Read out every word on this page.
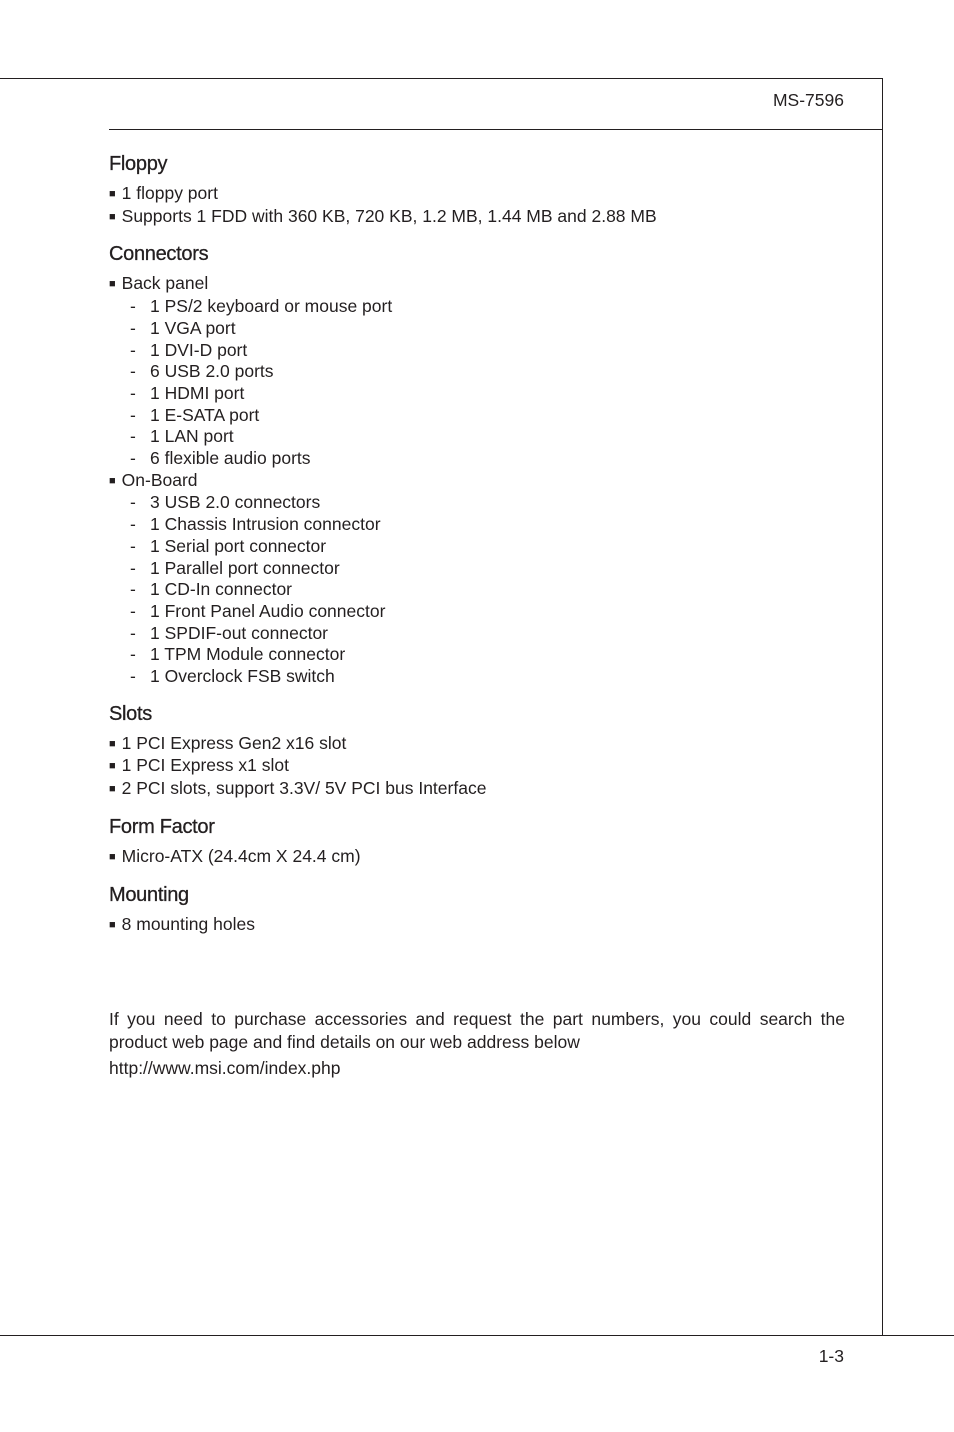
MS-7596
Floppy
■ 1 floppy port
■ Supports 1 FDD with 360 KB, 720 KB, 1.2 MB, 1.44 MB and 2.88 MB
Connectors
■ Back panel
- 1 PS/2 keyboard or mouse port
- 1 VGA port
- 1 DVI-D port
- 6 USB 2.0 ports
- 1 HDMI port
- 1 E-SATA port
- 1 LAN port
- 6 flexible audio ports
■ On-Board
- 3 USB 2.0 connectors
- 1 Chassis Intrusion connector
- 1 Serial port connector
- 1 Parallel port connector
- 1 CD-In connector
- 1 Front Panel Audio connector
- 1 SPDIF-out connector
- 1 TPM Module connector
- 1 Overclock FSB switch
Slots
■ 1 PCI Express Gen2 x16 slot
■ 1 PCI Express x1 slot
■ 2 PCI slots, support 3.3V/ 5V PCI bus Interface
Form Factor
■ Micro-ATX (24.4cm X 24.4 cm)
Mounting
■ 8 mounting holes

If you need to purchase accessories and request the part numbers, you could search the product web page and find details on our web address below

http://www.msi.com/index.php
1-3
